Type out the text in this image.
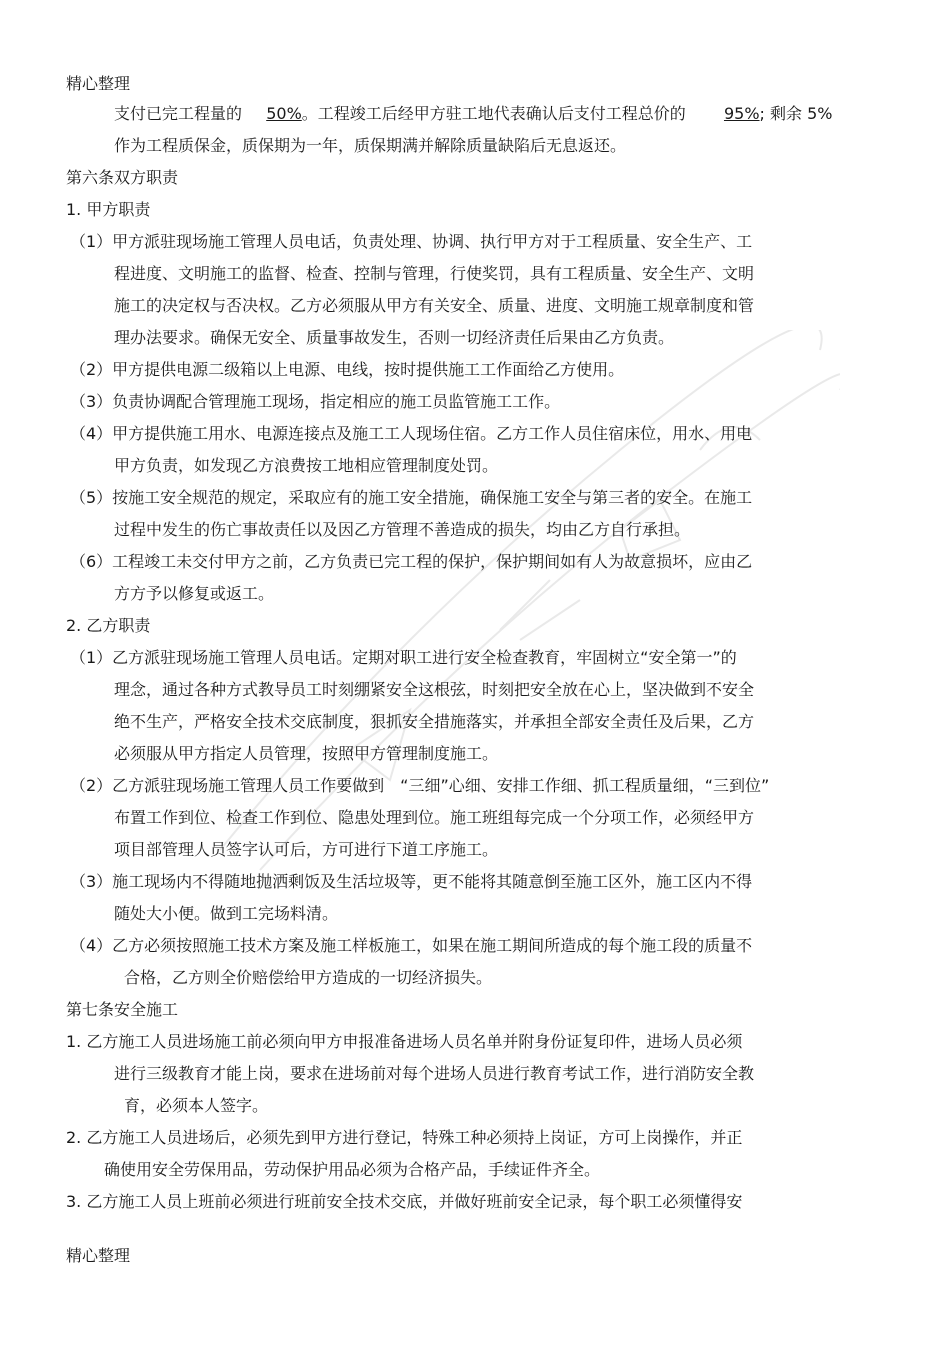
精心整理
支付已完工程量的 50%。工程竣工后经甲方驻工地代表确认后支付工程总价的 95%; 剩余 5%
作为工程质保金，质保期为一年，质保期满并解除质量缺陷后无息返还。
第六条双方职责
1. 甲方职责
（1）甲方派驻现场施工管理人员电话，负责处理、协调、执行甲方对于工程质量、安全生产、工
程进度、文明施工的监督、检查、控制与管理，行使奖罚，具有工程质量、安全生产、文明
施工的决定权与否决权。乙方必须服从甲方有关安全、质量、进度、文明施工规章制度和管
理办法要求。确保无安全、质量事故发生，否则一切经济责任后果由乙方负责。
（2）甲方提供电源二级箱以上电源、电线，按时提供施工工作面给乙方使用。
（3）负责协调配合管理施工现场，指定相应的施工员监管施工工作。
（4）甲方提供施工用水、电源连接点及施工工人现场住宿。乙方工作人员住宿床位，用水、用电
甲方负责，如发现乙方浪费按工地相应管理制度处罚。
（5）按施工安全规范的规定，采取应有的施工安全措施，确保施工安全与第三者的安全。在施工
过程中发生的伤亡事故责任以及因乙方管理不善造成的损失，均由乙方自行承担。
（6）工程竣工未交付甲方之前，乙方负责已完工程的保护，保护期间如有人为故意损坏，应由乙
方方予以修复或返工。
2. 乙方职责
（1）乙方派驻现场施工管理人员电话。定期对职工进行安全检查教育，牢固树立“安全第一”的
理念，通过各种方式教导员工时刻绷紧安全这根弦，时刻把安全放在心上，坚决做到不安全
绝不生产，严格安全技术交底制度，狠抓安全措施落实，并承担全部安全责任及后果，乙方
必须服从甲方指定人员管理，按照甲方管理制度施工。
（2）乙方派驻现场施工管理人员工作要做到　“三细”心细、安排工作细、抓工程质量细，“三到位”
布置工作到位、检查工作到位、隐患处理到位。施工班组每完成一个分项工作，必须经甲方
项目部管理人员签字认可后，方可进行下道工序施工。
（3）施工现场内不得随地抛洒剩饭及生活垃圾等，更不能将其随意倒至施工区外，施工区内不得
随处大小便。做到工完场料清。
（4）乙方必须按照施工技术方案及施工样板施工，如果在施工期间所造成的每个施工段的质量不
合格，乙方则全价赔偿给甲方造成的一切经济损失。
第七条安全施工
1. 乙方施工人员进场施工前必须向甲方申报准备进场人员名单并附身份证复印件，进场人员必须
进行三级教育才能上岗，要求在进场前对每个进场人员进行教育考试工作，进行消防安全教
育，必须本人签字。
2. 乙方施工人员进场后，必须先到甲方进行登记，特殊工种必须持上岗证，方可上岗操作，并正
确使用安全劳保用品，劳动保护用品必须为合格产品，手续证件齐全。
3. 乙方施工人员上班前必须进行班前安全技术交底，并做好班前安全记录，每个职工必须懂得安
精心整理
